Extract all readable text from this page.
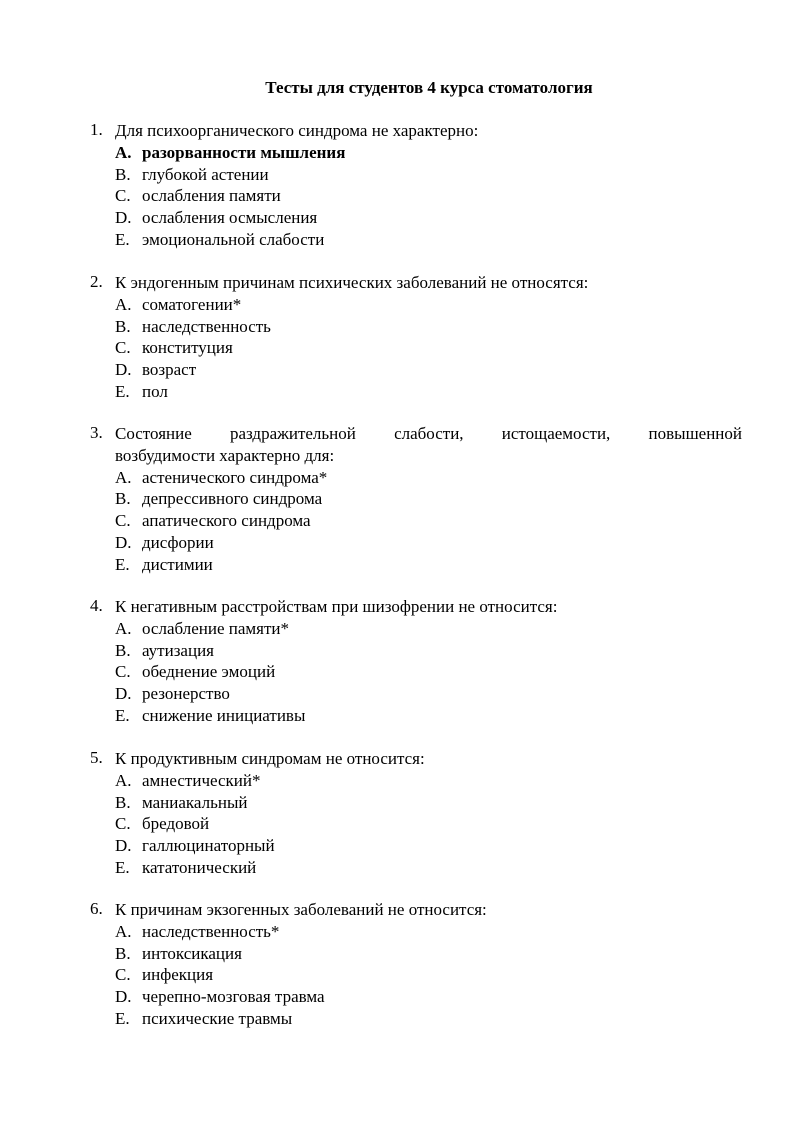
Тесты для студентов 4 курса стоматология
1. Для психоорганического синдрома не характерно:
A. разорванности мышления
B. глубокой астении
C. ослабления памяти
D. ослабления осмысления
E. эмоциональной слабости
2. К эндогенным причинам психических заболеваний не относятся:
A. соматогении*
B. наследственность
C. конституция
D. возраст
E. пол
3. Состояние раздражительной слабости, истощаемости, повышенной
возбудимости характерно для:
A. астенического синдрома*
B. депрессивного синдрома
C. апатического синдрома
D. дисфории
E. дистимии
4. К негативным расстройствам при шизофрении не относится:
A. ослабление памяти*
B. аутизация
C. обеднение эмоций
D. резонерство
E. снижение инициативы
5. К продуктивным синдромам не относится:
A. амнестический*
B. маниакальный
C. бредовой
D. галлюцинаторный
E. кататонический
6. К причинам экзогенных заболеваний не относится:
A. наследственность*
B. интоксикация
C. инфекция
D. черепно-мозговая травма
E. психические травмы
